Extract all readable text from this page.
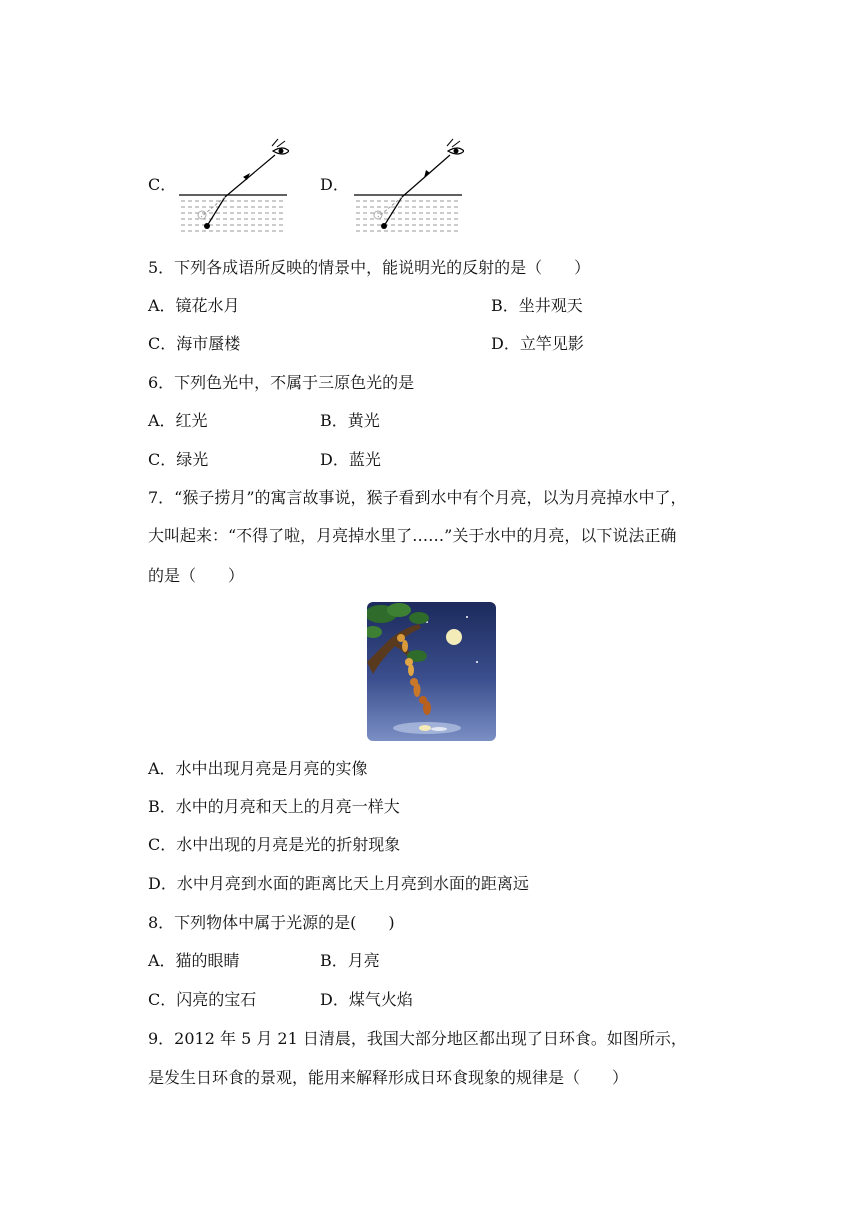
C．	D．
5．下列各成语所反映的情景中，能说明光的反射的是（　　）
A．镜花水月	B．坐井观天
C．海市蜃楼	D．立竿见影
6．下列色光中，不属于三原色光的是
A．红光	B．黄光
C．绿光	D．蓝光
7．“猴子捞月”的寓言故事说，猴子看到水中有个月亮，以为月亮掉水中了，
大叫起来：“不得了啦，月亮掉水里了……”关于水中的月亮，以下说法正确
的是（　　）
A．水中出现月亮是月亮的实像
B．水中的月亮和天上的月亮一样大
C．水中出现的月亮是光的折射现象
D．水中月亮到水面的距离比天上月亮到水面的距离远
8．下列物体中属于光源的是(　　)
A．猫的眼睛	B．月亮
C．闪亮的宝石	D．煤气火焰
9．2012 年 5 月 21 日清晨，我国大部分地区都出现了日环食。如图所示，
是发生日环食的景观，能用来解释形成日环食现象的规律是（　　）
